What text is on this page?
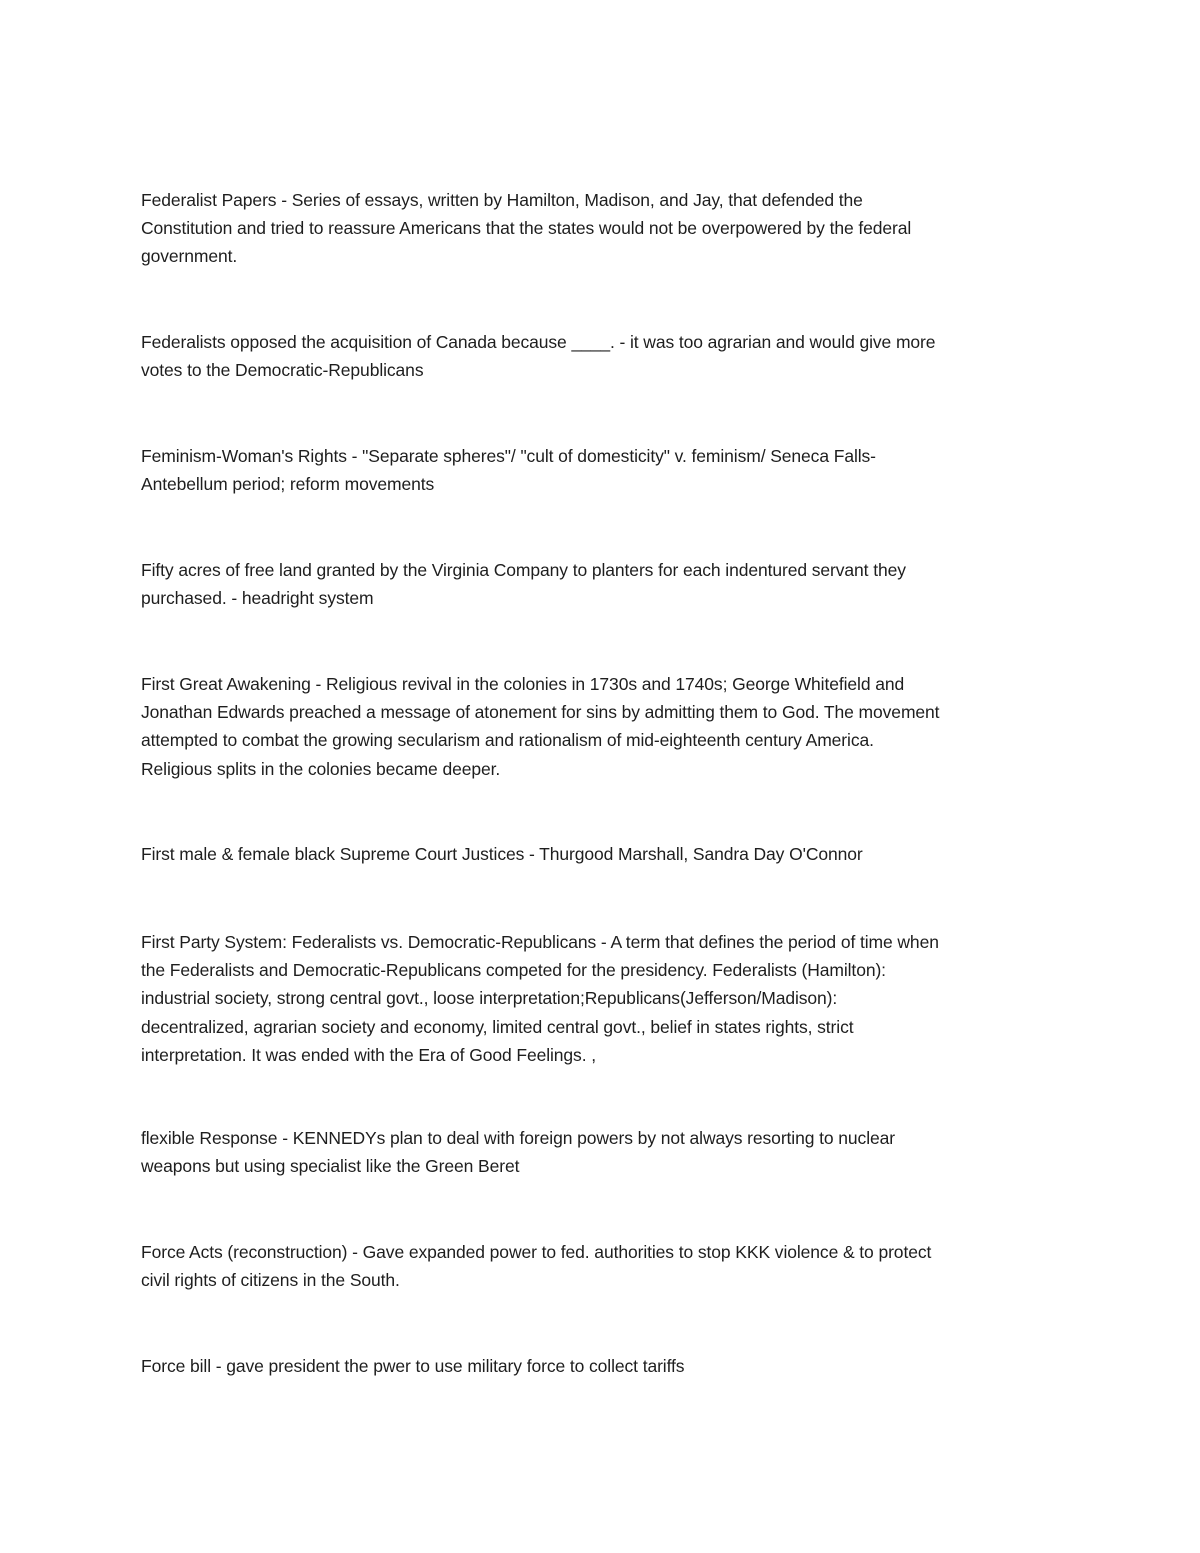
Federalist Papers - Series of essays, written by Hamilton, Madison, and Jay, that defended the
Constitution and tried to reassure Americans that the states would not be overpowered by the federal
government.

Federalists opposed the acquisition of Canada because ____. - it was too agrarian and would give more
votes to the Democratic-Republicans

Feminism-Woman's Rights - "Separate spheres"/ "cult of domesticity" v. feminism/ Seneca Falls-
Antebellum period; reform movements

Fifty acres of free land granted by the Virginia Company to planters for each indentured servant they
purchased. - headright system

First Great Awakening - Religious revival in the colonies in 1730s and 1740s; George Whitefield and
Jonathan Edwards preached a message of atonement for sins by admitting them to God. The movement
attempted to combat the growing secularism and rationalism of mid-eighteenth century America.
Religious splits in the colonies became deeper.

First male & female black Supreme Court Justices - Thurgood Marshall, Sandra Day O'Connor

First Party System: Federalists vs. Democratic-Republicans - A term that defines the period of time when
the Federalists and Democratic-Republicans competed for the presidency. Federalists (Hamilton):
industrial society, strong central govt., loose interpretation;Republicans(Jefferson/Madison):
decentralized, agrarian society and economy, limited central govt., belief in states rights, strict
interpretation. It was ended with the Era of Good Feelings. ,

flexible Response - KENNEDYs plan to deal with foreign powers by not always resorting to nuclear
weapons but using specialist like the Green Beret

Force Acts (reconstruction) - Gave expanded power to fed. authorities to stop KKK violence & to protect
civil rights of citizens in the South.

Force bill - gave president the pwer to use military force to collect tariffs
